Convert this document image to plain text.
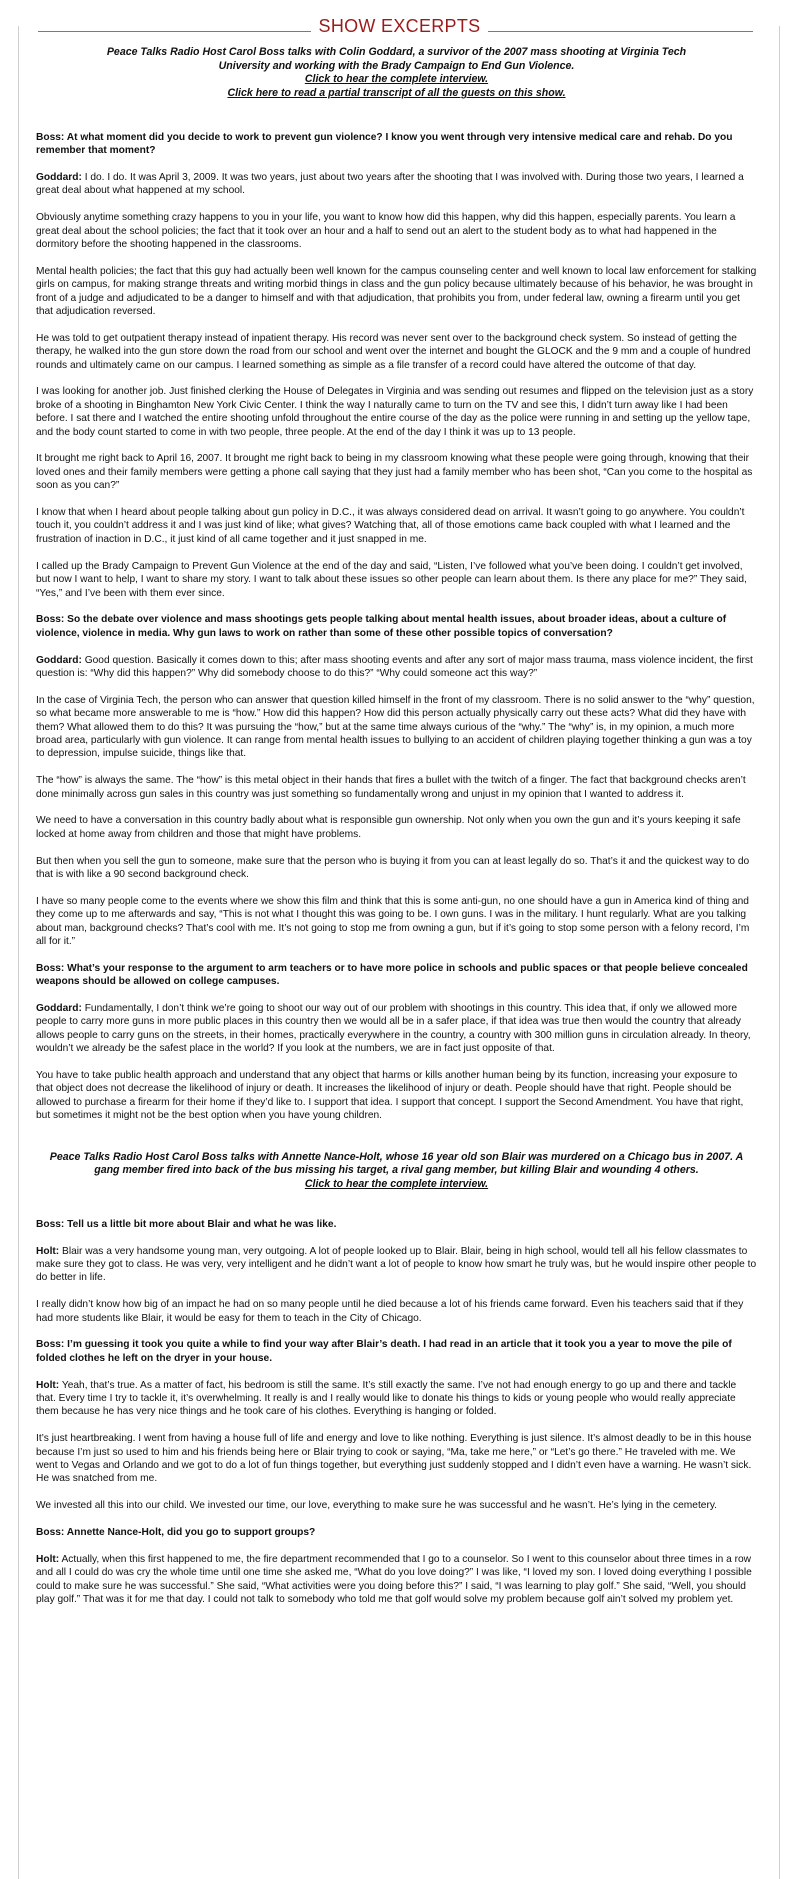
SHOW EXCERPTS
Peace Talks Radio Host Carol Boss talks with Colin Goddard, a survivor of the 2007 mass shooting at Virginia Tech University and working with the Brady Campaign to End Gun Violence.
Click to hear the complete interview.
Click here to read a partial transcript of all the guests on this show.
Boss: At what moment did you decide to work to prevent gun violence? I know you went through very intensive medical care and rehab. Do you remember that moment?
Goddard: I do. I do. It was April 3, 2009. It was two years, just about two years after the shooting that I was involved with. During those two years, I learned a great deal about what happened at my school.
Obviously anytime something crazy happens to you in your life, you want to know how did this happen, why did this happen, especially parents. You learn a great deal about the school policies; the fact that it took over an hour and a half to send out an alert to the student body as to what had happened in the dormitory before the shooting happened in the classrooms.
Mental health policies; the fact that this guy had actually been well known for the campus counseling center and well known to local law enforcement for stalking girls on campus, for making strange threats and writing morbid things in class and the gun policy because ultimately because of his behavior, he was brought in front of a judge and adjudicated to be a danger to himself and with that adjudication, that prohibits you from, under federal law, owning a firearm until you get that adjudication reversed.
He was told to get outpatient therapy instead of inpatient therapy. His record was never sent over to the background check system. So instead of getting the therapy, he walked into the gun store down the road from our school and went over the internet and bought the GLOCK and the 9 mm and a couple of hundred rounds and ultimately came on our campus. I learned something as simple as a file transfer of a record could have altered the outcome of that day.
I was looking for another job. Just finished clerking the House of Delegates in Virginia and was sending out resumes and flipped on the television just as a story broke of a shooting in Binghamton New York Civic Center. I think the way I naturally came to turn on the TV and see this, I didn’t turn away like I had been before. I sat there and I watched the entire shooting unfold throughout the entire course of the day as the police were running in and setting up the yellow tape, and the body count started to come in with two people, three people. At the end of the day I think it was up to 13 people.
It brought me right back to April 16, 2007. It brought me right back to being in my classroom knowing what these people were going through, knowing that their loved ones and their family members were getting a phone call saying that they just had a family member who has been shot, “Can you come to the hospital as soon as you can?”
I know that when I heard about people talking about gun policy in D.C., it was always considered dead on arrival. It wasn’t going to go anywhere. You couldn’t touch it, you couldn’t address it and I was just kind of like; what gives? Watching that, all of those emotions came back coupled with what I learned and the frustration of inaction in D.C., it just kind of all came together and it just snapped in me.
I called up the Brady Campaign to Prevent Gun Violence at the end of the day and said, “Listen, I’ve followed what you’ve been doing. I couldn’t get involved, but now I want to help, I want to share my story. I want to talk about these issues so other people can learn about them. Is there any place for me?” They said, “Yes,” and I’ve been with them ever since.
Boss: So the debate over violence and mass shootings gets people talking about mental health issues, about broader ideas, about a culture of violence, violence in media. Why gun laws to work on rather than some of these other possible topics of conversation?
Goddard: Good question. Basically it comes down to this; after mass shooting events and after any sort of major mass trauma, mass violence incident, the first question is: “Why did this happen?” Why did somebody choose to do this?” “Why could someone act this way?”
In the case of Virginia Tech, the person who can answer that question killed himself in the front of my classroom. There is no solid answer to the “why” question, so what became more answerable to me is “how.” How did this happen? How did this person actually physically carry out these acts? What did they have with them? What allowed them to do this? It was pursuing the “how,” but at the same time always curious of the “why.” The “why” is, in my opinion, a much more broad area, particularly with gun violence. It can range from mental health issues to bullying to an accident of children playing together thinking a gun was a toy to depression, impulse suicide, things like that.
The “how” is always the same. The “how” is this metal object in their hands that fires a bullet with the twitch of a finger. The fact that background checks aren’t done minimally across gun sales in this country was just something so fundamentally wrong and unjust in my opinion that I wanted to address it.
We need to have a conversation in this country badly about what is responsible gun ownership. Not only when you own the gun and it’s yours keeping it safe locked at home away from children and those that might have problems.
But then when you sell the gun to someone, make sure that the person who is buying it from you can at least legally do so. That’s it and the quickest way to do that is with like a 90 second background check.
I have so many people come to the events where we show this film and think that this is some anti-gun, no one should have a gun in America kind of thing and they come up to me afterwards and say, “This is not what I thought this was going to be. I own guns. I was in the military. I hunt regularly. What are you talking about man, background checks? That’s cool with me. It’s not going to stop me from owning a gun, but if it’s going to stop some person with a felony record, I’m all for it.”
Boss: What’s your response to the argument to arm teachers or to have more police in schools and public spaces or that people believe concealed weapons should be allowed on college campuses.
Goddard: Fundamentally, I don’t think we’re going to shoot our way out of our problem with shootings in this country. This idea that, if only we allowed more people to carry more guns in more public places in this country then we would all be in a safer place, if that idea was true then would the country that already allows people to carry guns on the streets, in their homes, practically everywhere in the country, a country with 300 million guns in circulation already. In theory, wouldn’t we already be the safest place in the world? If you look at the numbers, we are in fact just opposite of that.
You have to take public health approach and understand that any object that harms or kills another human being by its function, increasing your exposure to that object does not decrease the likelihood of injury or death. It increases the likelihood of injury or death. People should have that right. People should be allowed to purchase a firearm for their home if they’d like to. I support that idea. I support that concept. I support the Second Amendment. You have that right, but sometimes it might not be the best option when you have young children.
Peace Talks Radio Host Carol Boss talks with Annette Nance-Holt, whose 16 year old son Blair was murdered on a Chicago bus in 2007. A gang member fired into back of the bus missing his target, a rival gang member, but killing Blair and wounding 4 others.
Click to hear the complete interview.
Boss: Tell us a little bit more about Blair and what he was like.
Holt: Blair was a very handsome young man, very outgoing. A lot of people looked up to Blair. Blair, being in high school, would tell all his fellow classmates to make sure they got to class. He was very, very intelligent and he didn’t want a lot of people to know how smart he truly was, but he would inspire other people to do better in life.
I really didn’t know how big of an impact he had on so many people until he died because a lot of his friends came forward. Even his teachers said that if they had more students like Blair, it would be easy for them to teach in the City of Chicago.
Boss: I’m guessing it took you quite a while to find your way after Blair’s death. I had read in an article that it took you a year to move the pile of folded clothes he left on the dryer in your house.
Holt: Yeah, that’s true. As a matter of fact, his bedroom is still the same. It’s still exactly the same. I’ve not had enough energy to go up and there and tackle that. Every time I try to tackle it, it’s overwhelming. It really is and I really would like to donate his things to kids or young people who would really appreciate them because he has very nice things and he took care of his clothes. Everything is hanging or folded.
It’s just heartbreaking. I went from having a house full of life and energy and love to like nothing. Everything is just silence. It’s almost deadly to be in this house because I’m just so used to him and his friends being here or Blair trying to cook or saying, “Ma, take me here,” or “Let’s go there.” He traveled with me. We went to Vegas and Orlando and we got to do a lot of fun things together, but everything just suddenly stopped and I didn’t even have a warning. He wasn’t sick. He was snatched from me.
We invested all this into our child. We invested our time, our love, everything to make sure he was successful and he wasn’t. He’s lying in the cemetery.
Boss: Annette Nance-Holt, did you go to support groups?
Holt: Actually, when this first happened to me, the fire department recommended that I go to a counselor. So I went to this counselor about three times in a row and all I could do was cry the whole time until one time she asked me, “What do you love doing?” I was like, “I loved my son. I loved doing everything I possible could to make sure he was successful.” She said, “What activities were you doing before this?” I said, “I was learning to play golf.” She said, “Well, you should play golf.” That was it for me that day. I could not talk to somebody who told me that golf would solve my problem because golf ain’t solved my problem yet.
